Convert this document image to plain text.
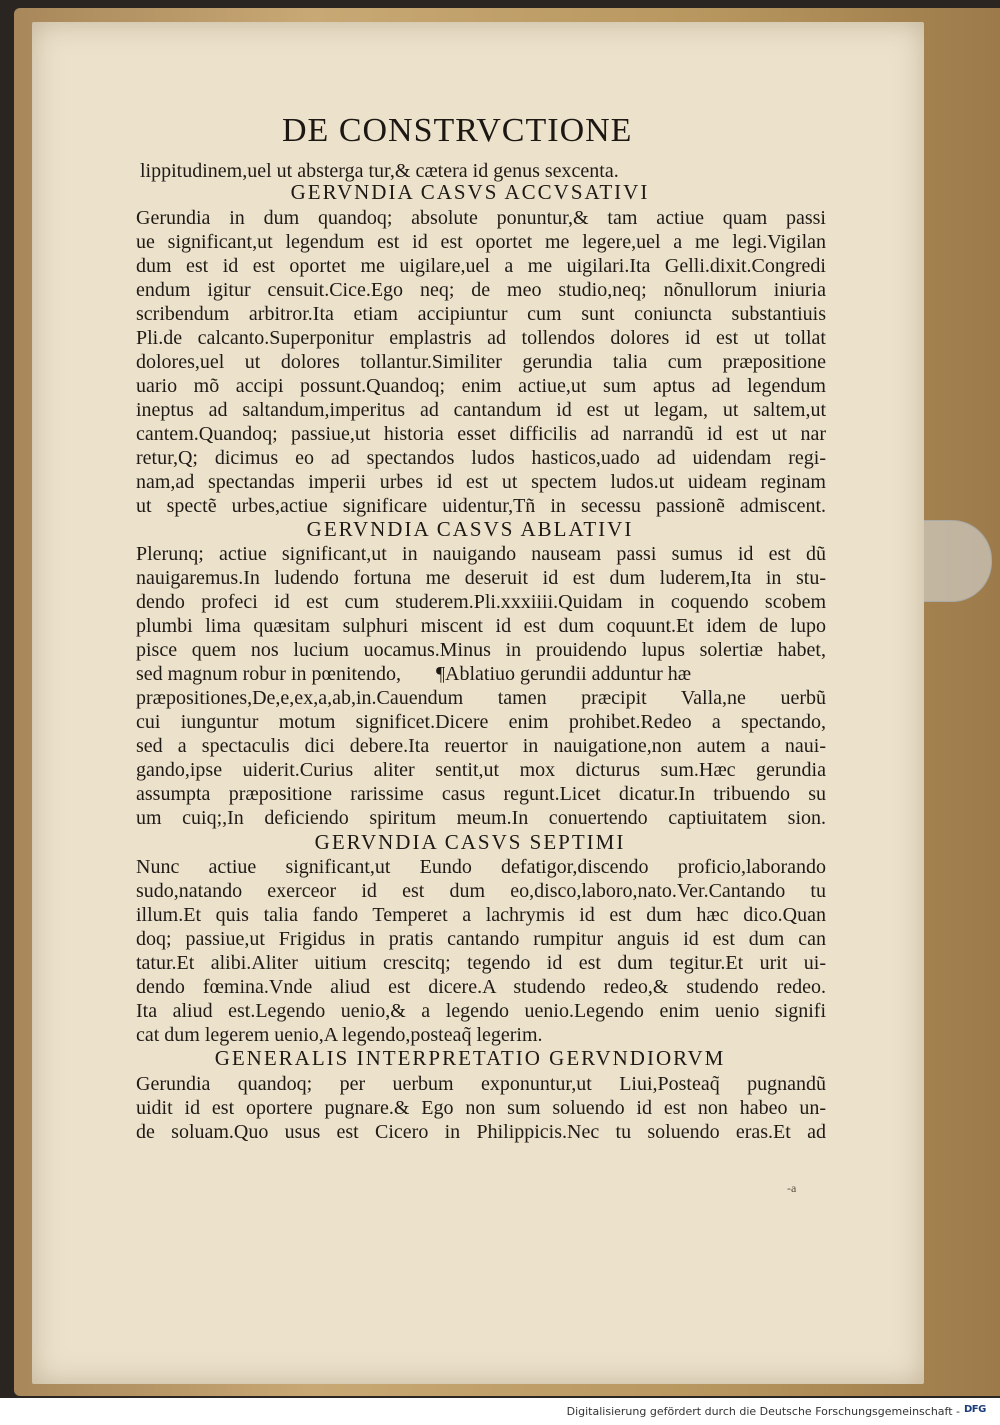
DE CONSTRVCTIONE
lippitudinem,uel ut absterga tur,& cætera id genus sexcenta.
GERVNDIA CASVS ACCVSATIVI
Gerundia in dum quandoq; absolute ponuntur,& tam actiue quam passi
ue significant,ut legendum est id est oportet me legere,uel a me legi.Vigilan
dum est id est oportet me uigilare,uel a me uigilari.Ita Gelli.dixit.Congredi
endum igitur censuit.Cice.Ego neq; de meo studio,neq; nõnullorum iniuria
scribendum arbitror.Ita etiam accipiuntur cum sunt coniuncta substantiuis
Pli.de calcanto.Superponitur emplastris ad tollendos dolores id est ut tollat
dolores,uel ut dolores tollantur.Similiter gerundia talia cum præpositione
uario mõ accipi possunt.Quandoq; enim actiue,ut sum aptus ad legendum
ineptus ad saltandum,imperitus ad cantandum id est ut legam, ut saltem,ut
cantem.Quandoq; passiue,ut historia esset difficilis ad narrandũ id est ut nar
retur,Q; dicimus eo ad spectandos ludos hasticos,uado ad uidendam regi-
nam,ad spectandas imperii urbes id est ut spectem ludos.ut uideam reginam
ut spectẽ urbes,actiue significare uidentur,Tñ in secessu passionẽ admiscent.
GERVNDIA CASVS ABLATIVI
Plerunq; actiue significant,ut in nauigando nauseam passi sumus id est dũ
nauigaremus.In ludendo fortuna me deseruit id est dum luderem,Ita in stu-
dendo profeci id est cum studerem.Pli.xxxiiii.Quidam in coquendo scobem
plumbi lima quæsitam sulphuri miscent id est dum coquunt.Et idem de lupo
pisce quem nos lucium uocamus.Minus in prouidendo lupus solertiæ habet,
sed magnum robur in pœnitendo,       ¶Ablatiuo gerundii adduntur hæ
præpositiones,De,e,ex,a,ab,in.Cauendum tamen præcipit Valla,ne uerbũ
cui iunguntur motum significet.Dicere enim prohibet.Redeo a spectando,
sed a spectaculis dici debere.Ita reuertor in nauigatione,non autem a naui-
gando,ipse uiderit.Curius aliter sentit,ut mox dicturus sum.Hæc gerundia
assumpta præpositione rarissime casus regunt.Licet dicatur.In tribuendo su
um cuiq;,In deficiendo spiritum meum.In conuertendo captiuitatem sion.
GERVNDIA CASVS SEPTIMI
Nunc actiue significant,ut Eundo defatigor,discendo proficio,laborando
sudo,natando exerceor id est dum eo,disco,laboro,nato.Ver.Cantando tu
illum.Et quis talia fando Temperet a lachrymis id est dum hæc dico.Quan
doq; passiue,ut Frigidus in pratis cantando rumpitur anguis id est dum can
tatur.Et alibi.Aliter uitium crescitq; tegendo id est dum tegitur.Et urit ui-
dendo fœmina.Vnde aliud est dicere.A studendo redeo,& studendo redeo.
Ita aliud est.Legendo uenio,& a legendo uenio.Legendo enim uenio signifi
cat dum legerem uenio,A legendo,posteaq̃ legerim.
GENERALIS INTERPRETATIO GERVNDIORVM
Gerundia quandoq; per uerbum exponuntur,ut Liui,Posteaq̃ pugnandũ
uidit id est oportere pugnare.& Ego non sum soluendo id est non habeo un-
de soluam.Quo usus est Cicero in Philippicis.Nec tu soluendo eras.Et ad
-a
Digitalisierung gefördert durch die Deutsche Forschungsgemeinschaft - DFG
